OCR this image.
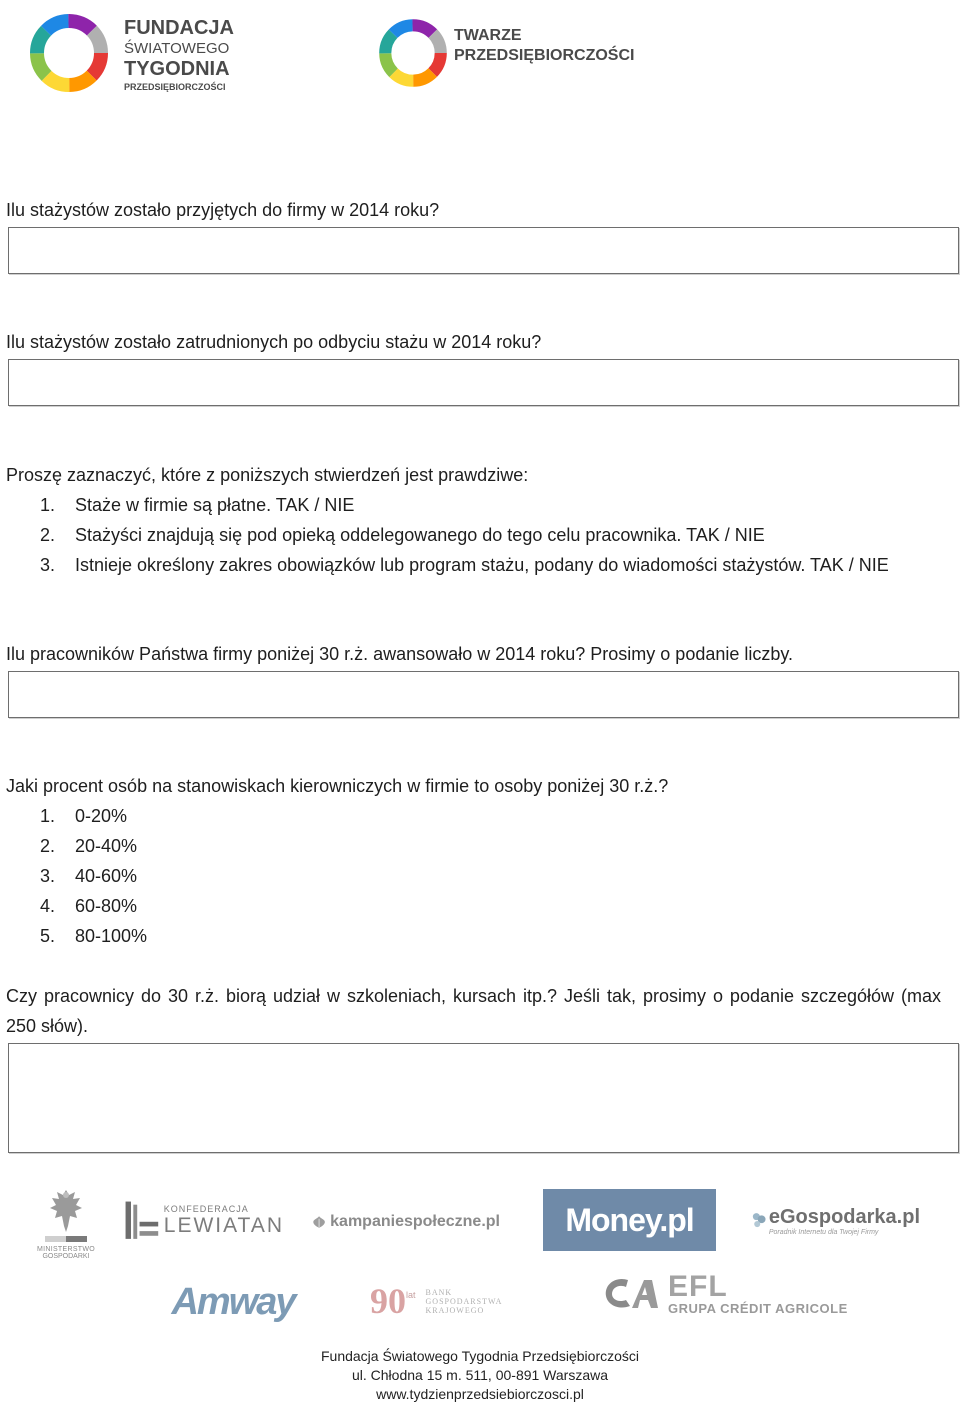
FUNDACJA
ŚWIATOWEGO
TYGODNIA
PRZEDSIĘBIORCZOŚCI
TWARZE
PRZEDSIĘBIORCZOŚCI
Ilu stażystów zostało przyjętych do firmy w 2014 roku?
Ilu stażystów zostało zatrudnionych po odbyciu stażu w 2014 roku?
Proszę zaznaczyć, które z poniższych stwierdzeń jest prawdziwe:
1.	Staże w firmie są płatne. TAK / NIE
2.	Stażyści znajdują się pod opieką oddelegowanego do tego celu pracownika. TAK / NIE
3.	Istnieje określony zakres obowiązków lub program stażu, podany do wiadomości stażystów. TAK / NIE
Ilu pracowników Państwa firmy poniżej 30 r.ż. awansowało w 2014 roku? Prosimy o podanie liczby.
Jaki procent osób na stanowiskach kierowniczych w firmie to osoby poniżej 30 r.ż.?
1.	0-20%
2.	20-40%
3.	40-60%
4.	60-80%
5.	80-100%
Czy pracownicy do 30 r.ż. biorą udział w szkoleniach, kursach itp.? Jeśli tak, prosimy o podanie szczegółów (max 250 słów).
MINISTERSTWO
GOSPODARKI
KONFEDERACJA
LEWIATAN	kampaniespołeczne.pl Money.pl	eGospodarka.pl
Poradnik Internetu dla Twojej Firmy
Amway 90 lat BANK
GOSPODARSTWA
KRAJOWEGO
EFL
GRUPA CRÉDIT AGRICOLE
Fundacja Światowego Tygodnia Przedsiębiorczości
ul. Chłodna 15 m. 511, 00-891 Warszawa
www.tydzienprzedsiebiorczosci.pl
